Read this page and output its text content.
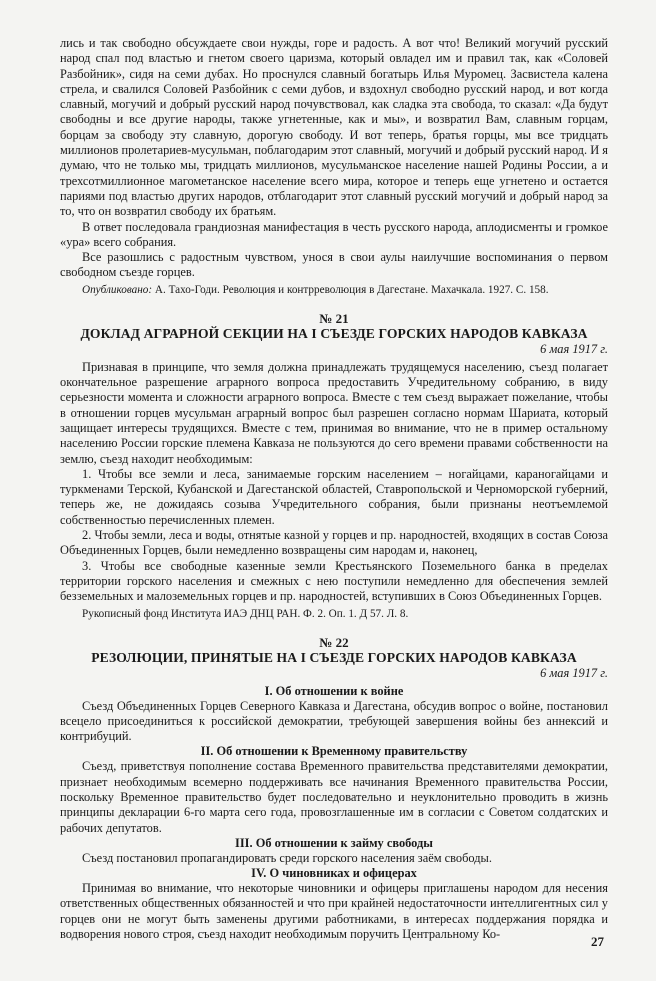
лись и так свободно обсуждаете свои нужды, горе и радость. А вот что! Великий могучий русский народ спал под властью и гнетом своего царизма, который овладел им и правил так, как «Соловей Разбойник», сидя на семи дубах. Но проснулся славный богатырь Илья Муромец. Засвистела калена стрела, и свалился Соловей Разбойник с семи дубов, и вздохнул свободно русский народ, и вот когда славный, могучий и добрый русский народ почувствовал, как сладка эта свобода, то сказал: «Да будут свободны и все другие народы, также угнетенные, как и мы», и возвратил Вам, славным горцам, борцам за свободу эту славную, дорогую свободу. И вот теперь, братья горцы, мы все тридцать миллионов пролетариев-мусульман, поблагодарим этот славный, могучий и добрый русский народ. И я думаю, что не только мы, тридцать миллионов, мусульманское население нашей Родины России, а и трехсотмиллионное магометанское население всего мира, которое и теперь еще угнетено и остается париями под властью других народов, отблагодарит этот славный русский могучий и добрый народ за то, что он возвратил свободу их братьям.

В ответ последовала грандиозная манифестация в честь русского народа, аплодисменты и громкое «ура» всего собрания.

Все разошлись с радостным чувством, унося в свои аулы наилучшие воспоминания о первом свободном съезде горцев.

Опубликовано: А. Тахо-Годи. Революция и контрреволюция в Дагестане. Махачкала. 1927. С. 158.

№ 21
ДОКЛАД АГРАРНОЙ СЕКЦИИ НА I СЪЕЗДЕ ГОРСКИХ НАРОДОВ КАВКАЗА
6 мая 1917 г.

Признавая в принципе, что земля должна принадлежать трудящемуся населению, съезд полагает окончательное разрешение аграрного вопроса предоставить Учредительному собранию, в виду серьезности момента и сложности аграрного вопроса. Вместе с тем съезд выражает пожелание, чтобы в отношении горцев мусульман аграрный вопрос был разрешен согласно нормам Шариата, который защищает интересы трудящихся. Вместе с тем, принимая во внимание, что не в пример остальному населению России горские племена Кавказа не пользуются до сего времени правами собственности на землю, съезд находит необходимым:

1. Чтобы все земли и леса, занимаемые горским населением – ногайцами, караногайцами и туркменами Терской, Кубанской и Дагестанской областей, Ставропольской и Черноморской губерний, теперь же, не дожидаясь созыва Учредительного собрания, были признаны неотъемлемой собственностью перечисленных племен.

2. Чтобы земли, леса и воды, отнятые казной у горцев и пр. народностей, входящих в состав Союза Объединенных Горцев, были немедленно возвращены сим народам и, наконец,

3. Чтобы все свободные казенные земли Крестьянского Поземельного банка в пределах территории горского населения и смежных с нею поступили немедленно для обеспечения землей безземельных и малоземельных горцев и пр. народностей, вступивших в Союз Объединенных Горцев.

Рукописный фонд Института ИАЭ ДНЦ РАН. Ф. 2. Оп. 1. Д 57. Л. 8.

№ 22
РЕЗОЛЮЦИИ, ПРИНЯТЫЕ НА I СЪЕЗДЕ ГОРСКИХ НАРОДОВ КАВКАЗА
6 мая 1917 г.
I. Об отношении к войне

Съезд Объединенных Горцев Северного Кавказа и Дагестана, обсудив вопрос о войне, постановил всецело присоединиться к российской демократии, требующей завершения войны без аннексий и контрибуций.

II. Об отношении к Временному правительству

Съезд, приветствуя пополнение состава Временного правительства представителями демократии, признает необходимым всемерно поддерживать все начинания Временного правительства России, поскольку Временное правительство будет последовательно и неуклонительно проводить в жизнь принципы декларации 6-го марта сего года, провозглашенные им в согласии с Советом солдатских и рабочих депутатов.

III. Об отношении к займу свободы

Съезд постановил пропагандировать среди горского населения заём свободы.

IV. О чиновниках и офицерах

Принимая во внимание, что некоторые чиновники и офицеры приглашены народом для несения ответственных общественных обязанностей и что при крайней недостаточности интеллигентных сил у горцев они не могут быть заменены другими работниками, в интересах поддержания порядка и водворения нового строя, съезд находит необходимым поручить Центральному Ко-	27
